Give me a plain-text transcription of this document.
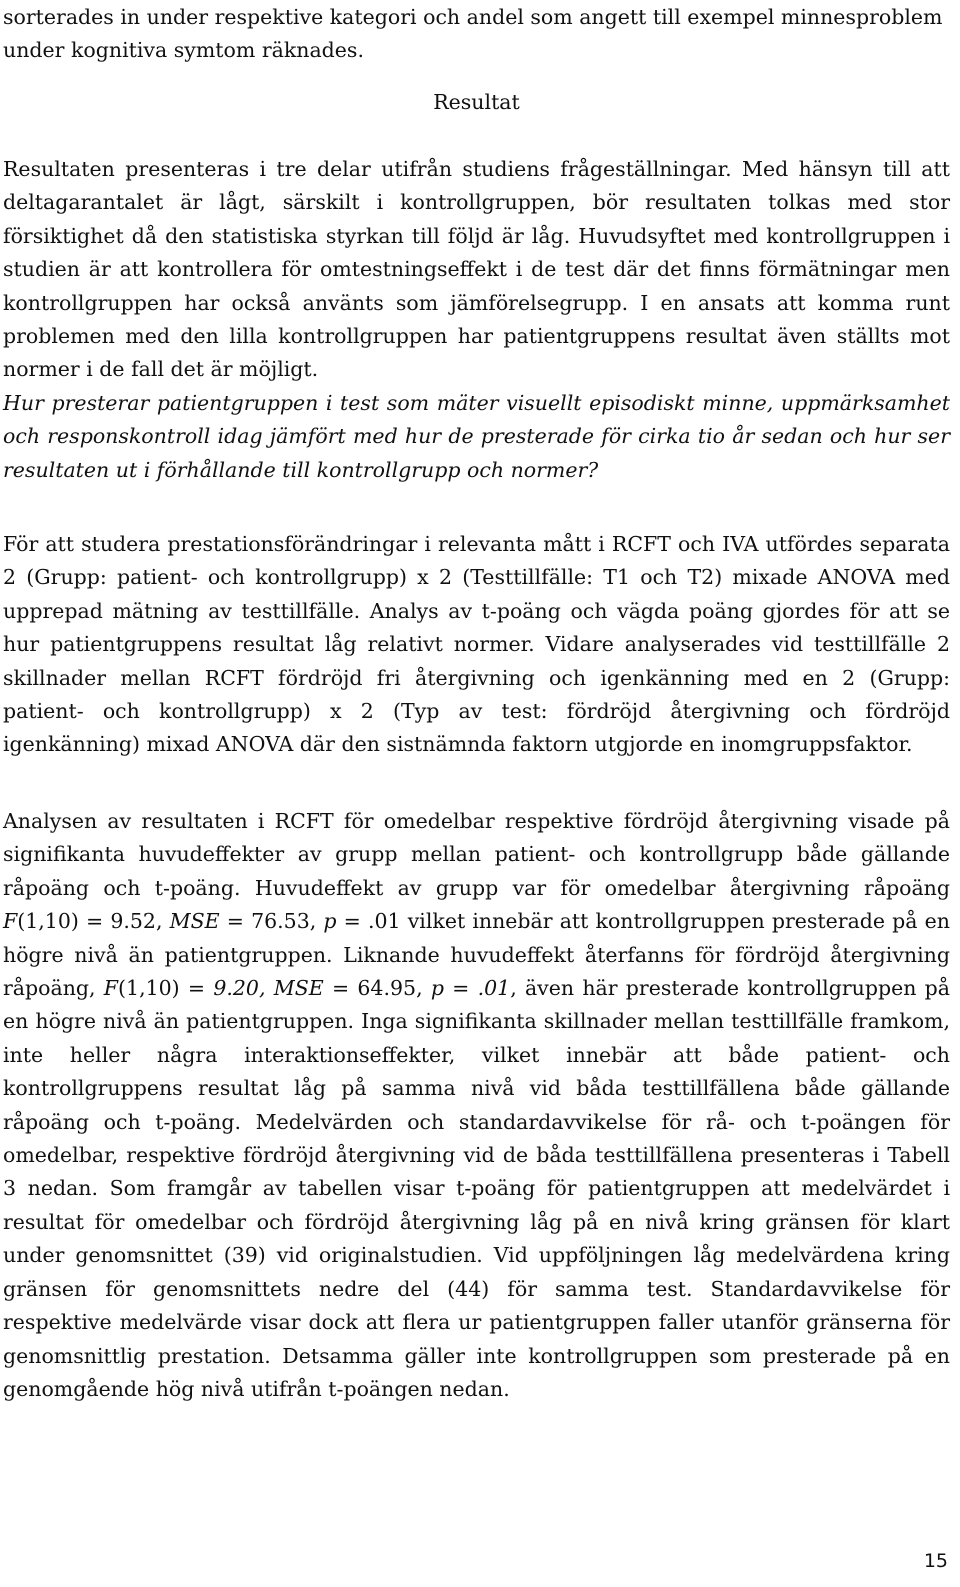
sorterades in under respektive kategori och andel som angett till exempel minnesproblem under kognitiva symtom räknades.

Resultat

Resultaten presenteras i tre delar utifrån studiens frågeställningar. Med hänsyn till att deltagarantalet är lågt, särskilt i kontrollgruppen, bör resultaten tolkas med stor försiktighet då den statistiska styrkan till följd är låg. Huvudsyftet med kontrollgruppen i studien är att kontrollera för omtestningseffekt i de test där det finns förmätningar men kontrollgruppen har också använts som jämförelsegrupp. I en ansats att komma runt problemen med den lilla kontrollgruppen har patientgruppens resultat även ställts mot normer i de fall det är möjligt.

Hur presterar patientgruppen i test som mäter visuellt episodiskt minne, uppmärksamhet och responskontroll idag jämfört med hur de presterade för cirka tio år sedan och hur ser resultaten ut i förhållande till kontrollgrupp och normer?

För att studera prestationsförändringar i relevanta mått i RCFT och IVA utfördes separata 2 (Grupp: patient- och kontrollgrupp) x 2 (Testtillfälle: T1 och T2) mixade ANOVA med upprepad mätning av testtillfälle. Analys av t-poäng och vägda poäng gjordes för att se hur patientgruppens resultat låg relativt normer. Vidare analyserades vid testtillfälle 2 skillnader mellan RCFT fördröjd fri återgivning och igenkänning med en 2 (Grupp: patient- och kontrollgrupp) x 2 (Typ av test: fördröjd återgivning och fördröjd igenkänning) mixad ANOVA där den sistnämnda faktorn utgjorde en inomgruppsfaktor.

Analysen av resultaten i RCFT för omedelbar respektive fördröjd återgivning visade på signifikanta huvudeffekter av grupp mellan patient- och kontrollgrupp både gällande råpoäng och t-poäng. Huvudeffekt av grupp var för omedelbar återgivning råpoäng F(1,10) = 9.52, MSE = 76.53, p = .01 vilket innebär att kontrollgruppen presterade på en högre nivå än patientgruppen. Liknande huvudeffekt återfanns för fördröjd återgivning råpoäng, F(1,10) = 9.20, MSE = 64.95, p = .01, även här presterade kontrollgruppen på en högre nivå än patientgruppen. Inga signifikanta skillnader mellan testtillfälle framkom, inte heller några interaktionseffekter, vilket innebär att både patient- och kontrollgruppens resultat låg på samma nivå vid båda testtillfällena både gällande råpoäng och t-poäng. Medelvärden och standardavvikelse för rå- och t-poängen för omedelbar, respektive fördröjd återgivning vid de båda testtillfällena presenteras i Tabell 3 nedan. Som framgår av tabellen visar t-poäng för patientgruppen att medelvärdet i resultat för omedelbar och fördröjd återgivning låg på en nivå kring gränsen för klart under genomsnittet (39) vid originalstudien. Vid uppföljningen låg medelvärdena kring gränsen för genomsnittets nedre del (44) för samma test. Standardavvikelse för respektive medelvärde visar dock att flera ur patientgruppen faller utanför gränserna för genomsnittlig prestation. Detsamma gäller inte kontrollgruppen som presterade på en genomgående hög nivå utifrån t-poängen nedan.

15
